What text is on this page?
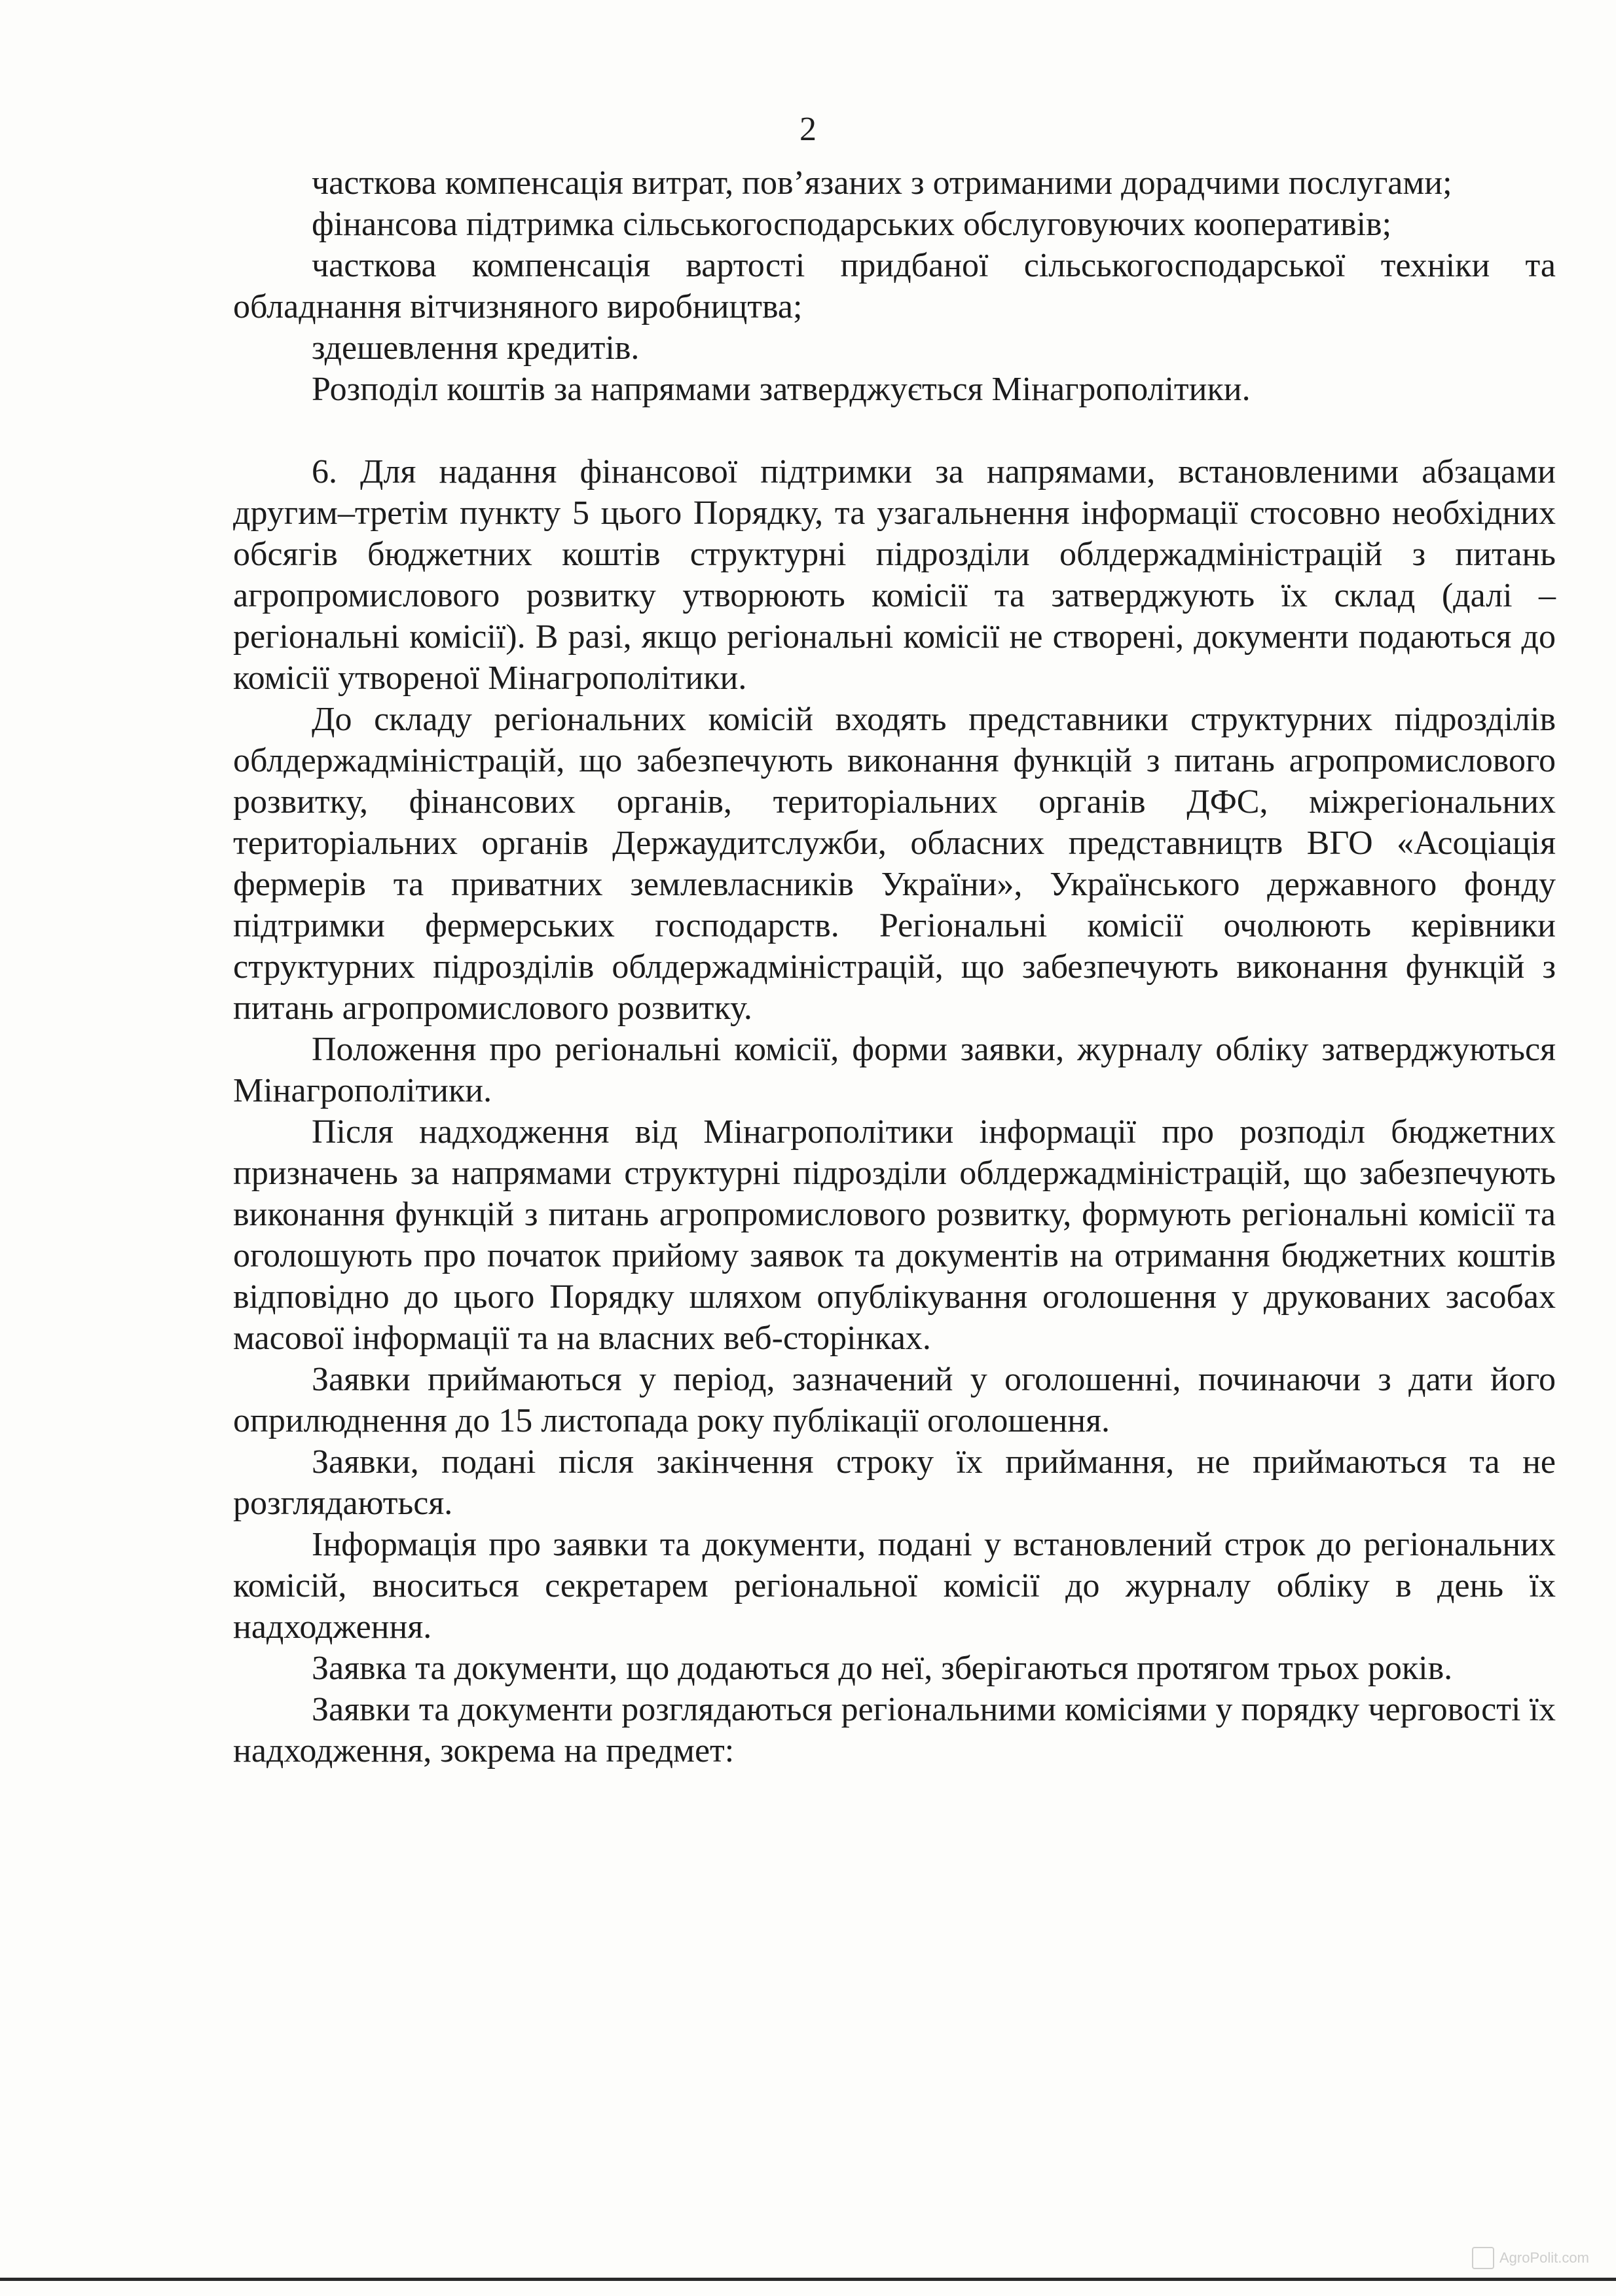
2

часткова компенсація витрат, пов’язаних з отриманими дорадчими послугами;

фінансова підтримка сільськогосподарських обслуговуючих кооперативів;

часткова компенсація вартості придбаної сільськогосподарської техніки та обладнання вітчизняного виробництва;

здешевлення кредитів.

Розподіл коштів за напрямами затверджується Мінагрополітики.

6. Для надання фінансової підтримки за напрямами, встановленими абзацами другим–третім пункту 5 цього Порядку, та узагальнення інформації стосовно необхідних обсягів бюджетних коштів структурні підрозділи облдержадміністрацій з питань агропромислового розвитку утворюють комісії та затверджують їх склад (далі – регіональні комісії). В разі, якщо регіональні комісії не створені, документи подаються до комісії утвореної Мінагрополітики.

До складу регіональних комісій входять представники структурних підрозділів облдержадміністрацій, що забезпечують виконання функцій з питань агропромислового розвитку, фінансових органів, територіальних органів ДФС, міжрегіональних територіальних органів Держаудитслужби, обласних представництв ВГО «Асоціація фермерів та приватних землевласників України», Українського державного фонду підтримки фермерських господарств. Регіональні комісії очолюють керівники структурних підрозділів облдержадміністрацій, що забезпечують виконання функцій з питань агропромислового розвитку.

Положення про регіональні комісії, форми заявки, журналу обліку затверджуються Мінагрополітики.

Після надходження від Мінагрополітики інформації про розподіл бюджетних призначень за напрямами структурні підрозділи облдержадміністрацій, що забезпечують виконання функцій з питань агропромислового розвитку, формують регіональні комісії та оголошують про початок прийому заявок та документів на отримання бюджетних коштів відповідно до цього Порядку шляхом опублікування оголошення у друкованих засобах масової інформації та на власних веб-сторінках.

Заявки приймаються у період, зазначений у оголошенні, починаючи з дати його оприлюднення до 15 листопада року публікації оголошення.

Заявки, подані після закінчення строку їх приймання, не приймаються та не розглядаються.

Інформація про заявки та документи, подані у встановлений строк до регіональних комісій, вноситься секретарем регіональної комісії до журналу обліку в день їх надходження.

Заявка та документи, що додаються до неї, зберігаються протягом трьох років.

Заявки та документи розглядаються регіональними комісіями у порядку черговості їх надходження, зокрема на предмет:

AgroPolit.com
